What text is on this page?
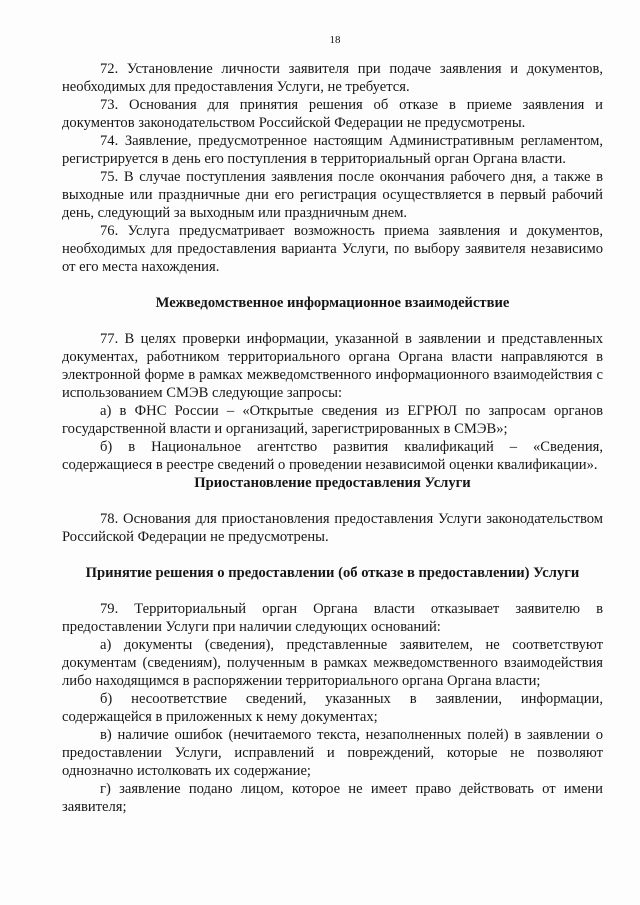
18

72. Установление личности заявителя при подаче заявления и документов, необходимых для предоставления Услуги, не требуется.

73. Основания для принятия решения об отказе в приеме заявления и документов законодательством Российской Федерации не предусмотрены.

74. Заявление, предусмотренное настоящим Административным регламентом, регистрируется в день его поступления в территориальный орган Органа власти.

75. В случае поступления заявления после окончания рабочего дня, а также в выходные или праздничные дни его регистрация осуществляется в первый рабочий день, следующий за выходным или праздничным днем.

76. Услуга предусматривает возможность приема заявления и документов, необходимых для предоставления варианта Услуги, по выбору заявителя независимо от его места нахождения.

Межведомственное информационное взаимодействие

77. В целях проверки информации, указанной в заявлении и представленных документах, работником территориального органа Органа власти направляются в электронной форме в рамках межведомственного информационного взаимодействия с использованием СМЭВ следующие запросы:

а) в ФНС России – «Открытые сведения из ЕГРЮЛ по запросам органов государственной власти и организаций, зарегистрированных в СМЭВ»;

б) в Национальное агентство развития квалификаций – «Сведения, содержащиеся в реестре сведений о проведении независимой оценки квалификации».

Приостановление предоставления Услуги

78. Основания для приостановления предоставления Услуги законодательством Российской Федерации не предусмотрены.

Принятие решения о предоставлении (об отказе в предоставлении) Услуги

79. Территориальный орган Органа власти отказывает заявителю в предоставлении Услуги при наличии следующих оснований:

а) документы (сведения), представленные заявителем, не соответствуют документам (сведениям), полученным в рамках межведомственного взаимодействия либо находящимся в распоряжении территориального органа Органа власти;

б) несоответствие сведений, указанных в заявлении, информации, содержащейся в приложенных к нему документах;

в) наличие ошибок (нечитаемого текста, незаполненных полей) в заявлении о предоставлении Услуги, исправлений и повреждений, которые не позволяют однозначно истолковать их содержание;

г) заявление подано лицом, которое не имеет право действовать от имени заявителя;
